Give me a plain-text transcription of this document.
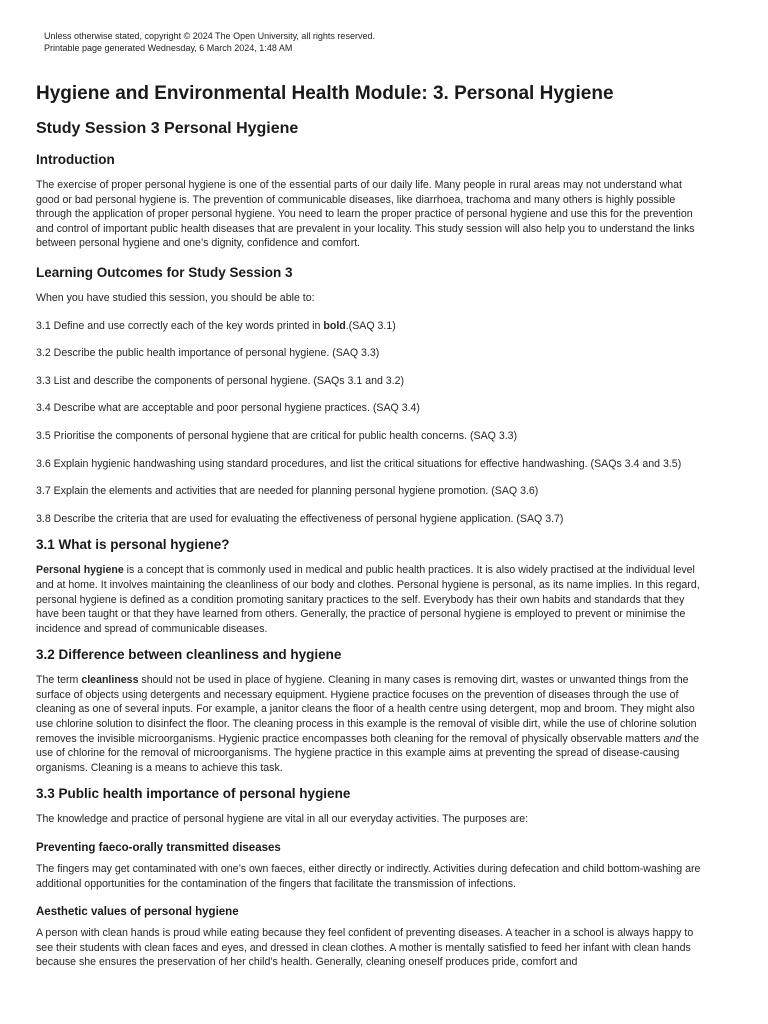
Unless otherwise stated, copyright © 2024 The Open University, all rights reserved.
Printable page generated Wednesday, 6 March 2024, 1:48 AM
Hygiene and Environmental Health Module: 3. Personal Hygiene
Study Session 3 Personal Hygiene
Introduction

The exercise of proper personal hygiene is one of the essential parts of our daily life. Many people in rural areas may not understand what good or bad personal hygiene is. The prevention of communicable diseases, like diarrhoea, trachoma and many others is highly possible through the application of proper personal hygiene. You need to learn the proper practice of personal hygiene and use this for the prevention and control of important public health diseases that are prevalent in your locality. This study session will also help you to understand the links between personal hygiene and one’s dignity, confidence and comfort.

Learning Outcomes for Study Session 3

When you have studied this session, you should be able to:

3.1 Define and use correctly each of the key words printed in bold.(SAQ 3.1)

3.2 Describe the public health importance of personal hygiene. (SAQ 3.3)

3.3 List and describe the components of personal hygiene. (SAQs 3.1 and 3.2)

3.4 Describe what are acceptable and poor personal hygiene practices. (SAQ 3.4)

3.5 Prioritise the components of personal hygiene that are critical for public health concerns. (SAQ 3.3)

3.6 Explain hygienic handwashing using standard procedures, and list the critical situations for effective handwashing. (SAQs 3.4 and 3.5)

3.7 Explain the elements and activities that are needed for planning personal hygiene promotion. (SAQ 3.6)

3.8 Describe the criteria that are used for evaluating the effectiveness of personal hygiene application. (SAQ 3.7)

3.1 What is personal hygiene?

Personal hygiene is a concept that is commonly used in medical and public health practices. It is also widely practised at the individual level and at home. It involves maintaining the cleanliness of our body and clothes. Personal hygiene is personal, as its name implies. In this regard, personal hygiene is defined as a condition promoting sanitary practices to the self. Everybody has their own habits and standards that they have been taught or that they have learned from others. Generally, the practice of personal hygiene is employed to prevent or minimise the incidence and spread of communicable diseases.

3.2 Difference between cleanliness and hygiene

The term cleanliness should not be used in place of hygiene. Cleaning in many cases is removing dirt, wastes or unwanted things from the surface of objects using detergents and necessary equipment. Hygiene practice focuses on the prevention of diseases through the use of cleaning as one of several inputs. For example, a janitor cleans the floor of a health centre using detergent, mop and broom. They might also use chlorine solution to disinfect the floor. The cleaning process in this example is the removal of visible dirt, while the use of chlorine solution removes the invisible microorganisms. Hygienic practice encompasses both cleaning for the removal of physically observable matters and the use of chlorine for the removal of microorganisms. The hygiene practice in this example aims at preventing the spread of disease-causing organisms. Cleaning is a means to achieve this task.

3.3 Public health importance of personal hygiene

The knowledge and practice of personal hygiene are vital in all our everyday activities. The purposes are:

Preventing faeco-orally transmitted diseases

The fingers may get contaminated with one’s own faeces, either directly or indirectly. Activities during defecation and child bottom-washing are additional opportunities for the contamination of the fingers that facilitate the transmission of infections.

Aesthetic values of personal hygiene

A person with clean hands is proud while eating because they feel confident of preventing diseases. A teacher in a school is always happy to see their students with clean faces and eyes, and dressed in clean clothes. A mother is mentally satisfied to feed her infant with clean hands because she ensures the preservation of her child’s health. Generally, cleaning oneself produces pride, comfort and
